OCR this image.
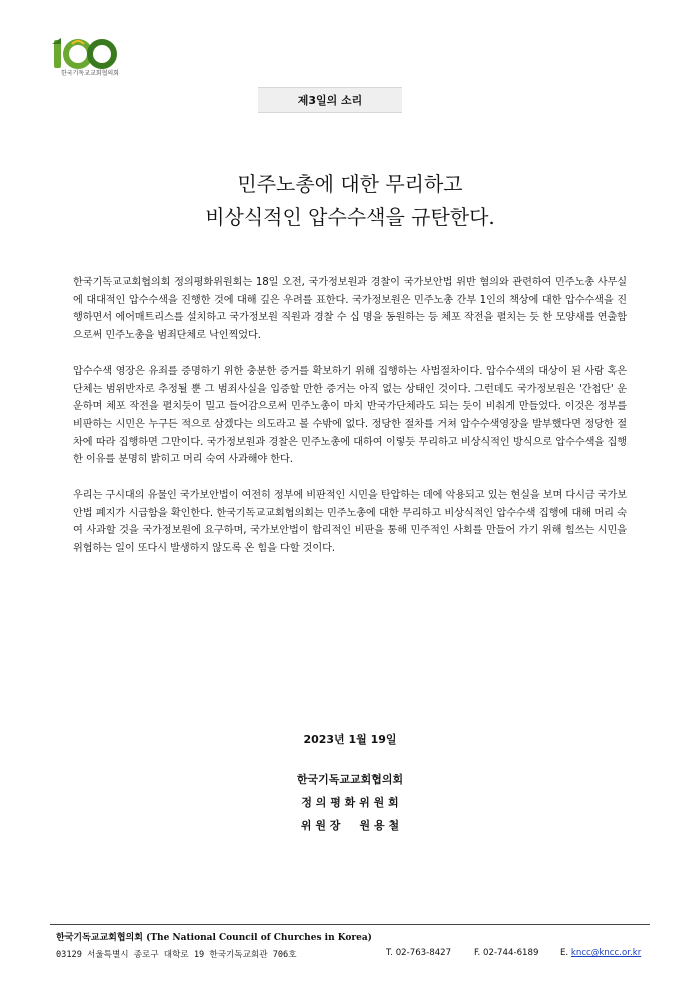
한국기독교교회협의회
제3일의 소리
민주노총에 대한 무리하고
비상식적인 압수수색을 규탄한다.

한국기독교교회협의회 정의평화위원회는 18일 오전, 국가정보원과 경찰이 국가보안법 위반 혐의와 관련하여 민주노총 사무실에 대대적인 압수수색을 진행한 것에 대해 깊은 우려를 표한다. 국가정보원은 민주노총 간부 1인의 책상에 대한 압수수색을 진행하면서 에어매트리스를 설치하고 국가정보원 직원과 경찰 수 십 명을 동원하는 등 체포 작전을 펼치는 듯 한 모양새를 연출함으로써 민주노총을 범죄단체로 낙인찍었다.

압수수색 영장은 유죄를 증명하기 위한 충분한 증거를 확보하기 위해 집행하는 사법절차이다. 압수수색의 대상이 된 사람 혹은 단체는 범위반자로 추정될 뿐 그 범죄사실을 입증할 만한 증거는 아직 없는 상태인 것이다. 그런데도 국가정보원은 '간첩단' 운운하며 체포 작전을 펼치듯이 밀고 들어감으로써 민주노총이 마치 반국가단체라도 되는 듯이 비춰게 만들었다. 이것은 정부를 비판하는 시민은 누구든 적으로 삼겠다는 의도라고 볼 수밖에 없다. 정당한 절차를 거쳐 압수수색영장을 발부했다면 정당한 절차에 따라 집행하면 그만이다. 국가정보원과 경찰은 민주노총에 대하여 이렇듯 무리하고 비상식적인 방식으로 압수수색을 집행한 이유를 분명히 밝히고 머리 숙여 사과해야 한다.

우리는 구시대의 유물인 국가보안법이 여전히 정부에 비판적인 시민을 탄압하는 데에 악용되고 있는 현실을 보며 다시금 국가보안법 폐지가 시급함을 확인한다. 한국기독교교회협의회는 민주노총에 대한 무리하고 비상식적인 압수수색 집행에 대해 머리 숙여 사과할 것을 국가정보원에 요구하며, 국가보안법이 합리적인 비판을 통해 민주적인 사회를 만들어 가기 위해 힘쓰는 시민을 위협하는 일이 또다시 발생하지 않도록 온 힘을 다할 것이다.

2023년 1월 19일
한국기독교교회협의회
정 의 평 화 위 원 회
위 원 장     원 용 철
한국기독교교회협의회 (The National Council of Churches in Korea)
03129 서울특별시 종로구 대학로 19 한국기독교회관 706호	T. 02-763-8427	F. 02-744-6189	E. kncc@kncc.or.kr
